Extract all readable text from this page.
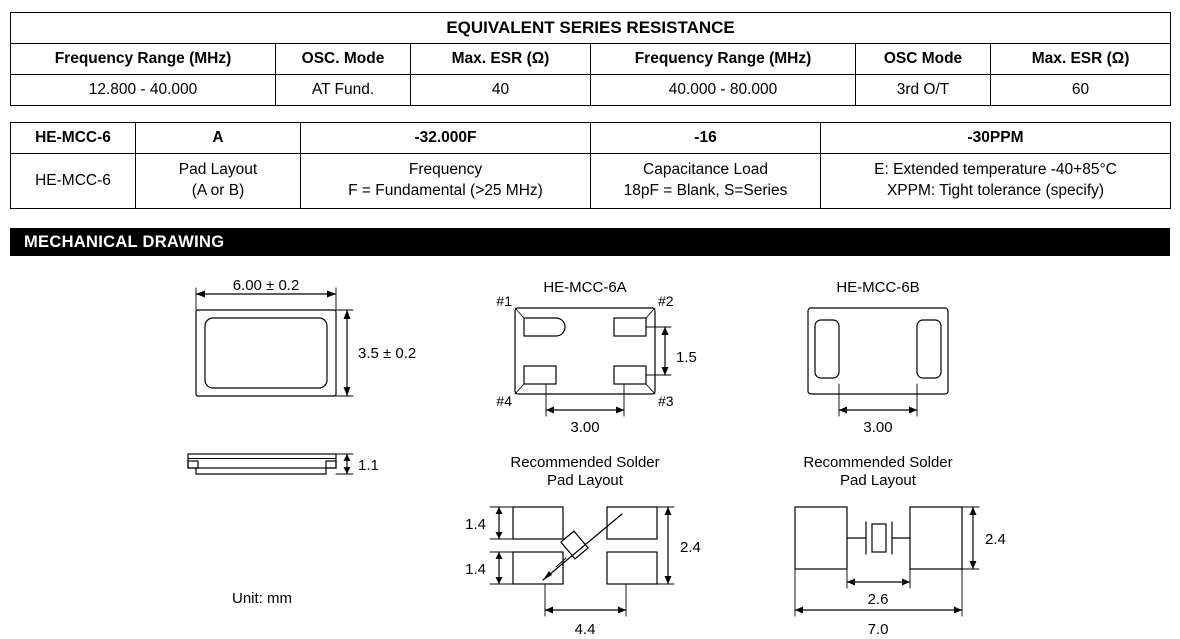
EQUIVALENT SERIES RESISTANCE					
Frequency Range (MHz)	OSC. Mode	Max. ESR (Ω)	Frequency Range (MHz)	OSC Mode	Max. ESR (Ω)
12.800 - 40.000	AT Fund.	40	40.000 - 80.000	3rd O/T	60
HE-MCC-6	A	-32.000F	-16	-30PPM

HE-MCC-6

Pad Layout
(A or B)

Frequency
F = Fundamental (>25 MHz)

Capacitance Load
18pF = Blank, S=Series

E: Extended temperature -40+85°C
XPPM: Tight tolerance (specify)
MECHANICAL DRAWING
6.00 ± 0.2
3.5 ± 0.2
1.1
HE-MCC-6A
#1	#2
#3
#4
1.5
3.00
HE-MCC-6B
3.00
Recommended Solder
Pad Layout
1.4
1.4
2.4
4.4
Recommended Solder
Pad Layout
2.4
2.6
7.0
Unit: mm
